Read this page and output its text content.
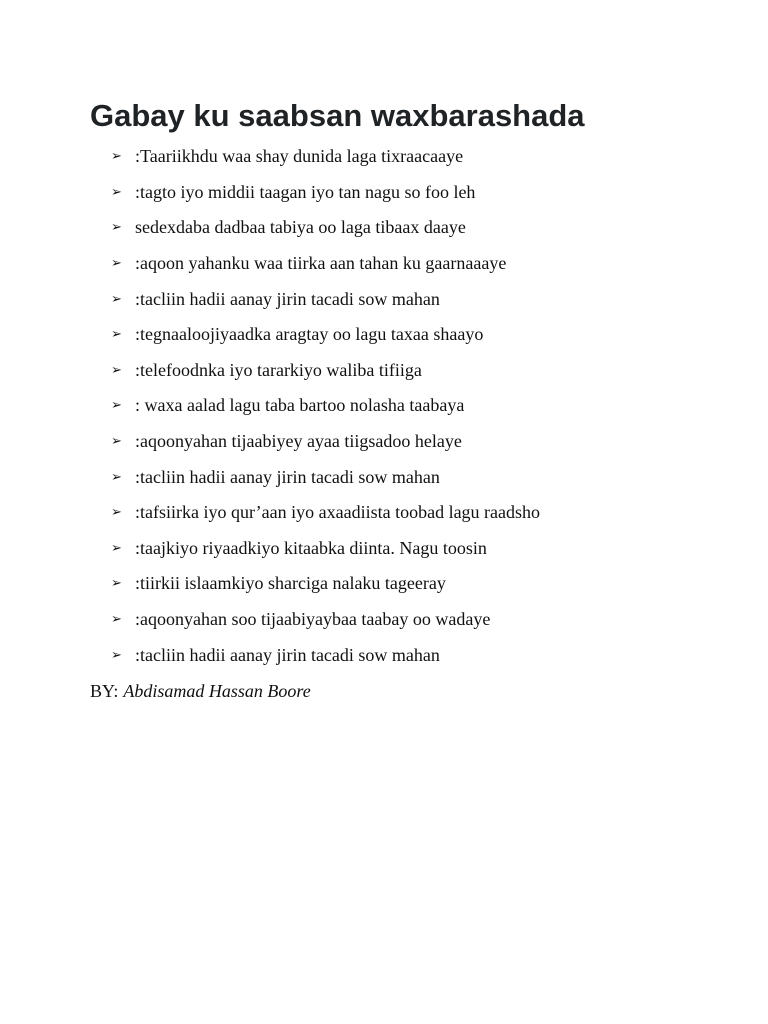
Gabay ku saabsan waxbarashada
➢ :Taariikhdu waa shay dunida laga tixraacaaye
➢ :tagto iyo middii taagan iyo tan nagu so foo leh
➢ sedexdaba dadbaa tabiya oo laga tibaax daaye
➢ :aqoon yahanku waa tiirka aan tahan ku gaarnaaaye
➢ :tacliin hadii aanay jirin tacadi sow mahan
➢ :tegnaaloojiyaadka aragtay oo lagu taxaa shaayo
➢ :telefoodnka iyo tararkiyo waliba tifiiga
➢ : waxa aalad lagu taba bartoo nolasha taabaya
➢ :aqoonyahan tijaabiyey ayaa tiigsadoo helaye
➢ :tacliin hadii aanay jirin tacadi sow mahan
➢ :tafsiirka iyo qur’aan iyo axaadiista toobad lagu raadsho
➢ :taajkiyo riyaadkiyo kitaabka diinta. Nagu toosin
➢ :tiirkii islaamkiyo sharciga nalaku tageeray
➢ :aqoonyahan soo tijaabiyaybaa taabay oo wadaye
➢ :tacliin hadii aanay jirin tacadi sow mahan
BY: Abdisamad Hassan Boore
